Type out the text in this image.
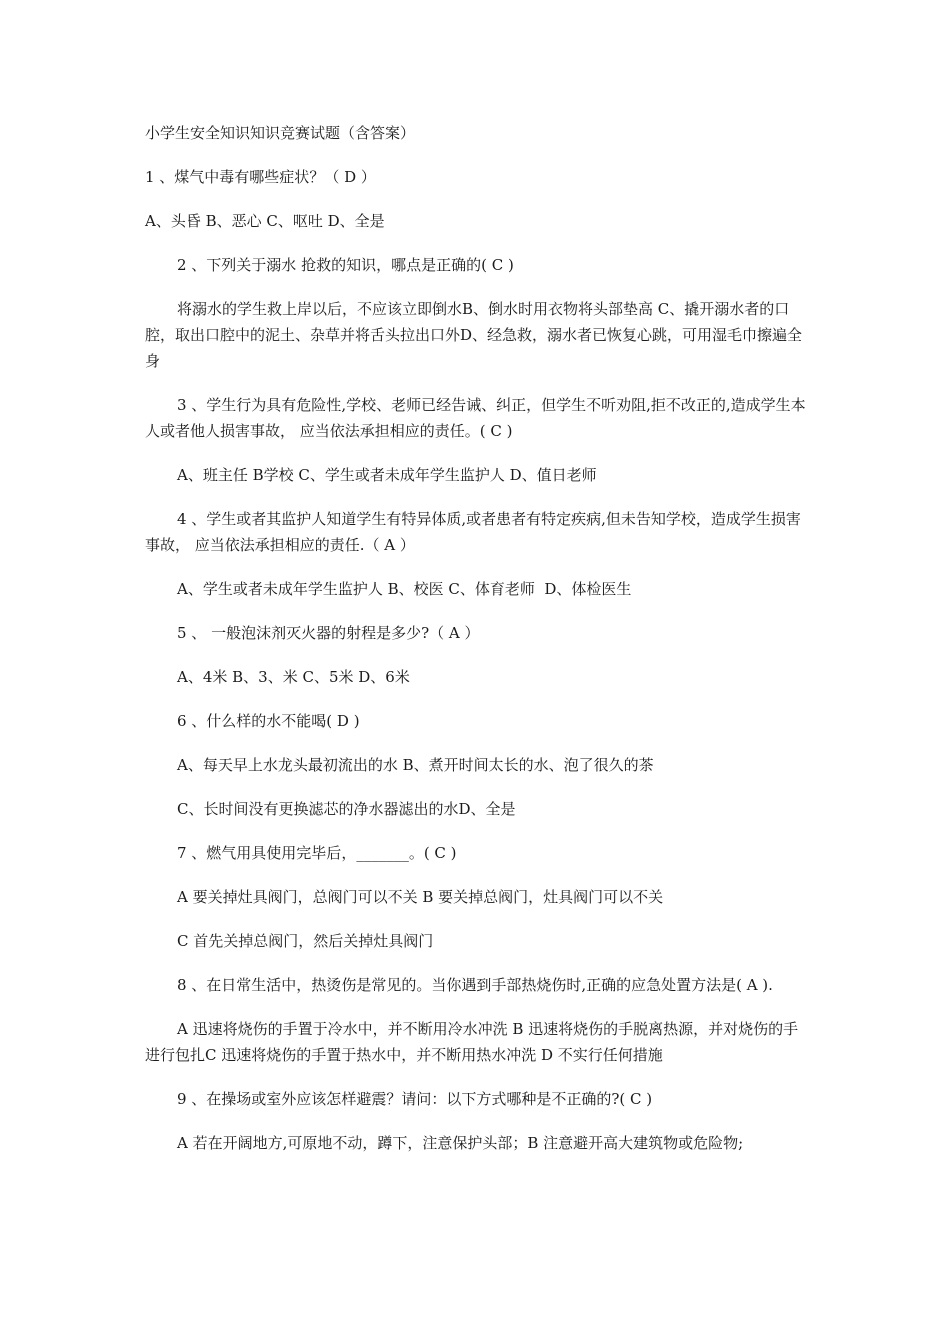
小学生安全知识知识竞赛试题（含答案）

1 、煤气中毒有哪些症状？（ D ）

A、头昏 B、恶心 C、呕吐 D、全是

2 、下列关于溺水 抢救的知识，哪点是正确的( C )

将溺水的学生救上岸以后，不应该立即倒水B、倒水时用衣物将头部垫高 C、撬开溺水者的口腔，取出口腔中的泥土、杂草并将舌头拉出口外D、经急救，溺水者已恢复心跳，可用湿毛巾擦遍全身

3 、学生行为具有危险性,学校、老师已经告诫、纠正，但学生不听劝阻,拒不改正的,造成学生本人或者他人损害事故， 应当依法承担相应的责任。( C )

A、班主任 B学校 C、学生或者未成年学生监护人 D、值日老师

4 、学生或者其监护人知道学生有特异体质,或者患者有特定疾病,但未告知学校，造成学生损害事故， 应当依法承担相应的责任.（ A ）

A、学生或者未成年学生监护人 B、校医 C、体育老师  D、体检医生

5 、 一般泡沫剂灭火器的射程是多少?（ A ）

A、4米 B、3、米 C、5米 D、6米

6 、什么样的水不能喝( D )

A、每天早上水龙头最初流出的水 B、煮开时间太长的水、泡了很久的茶

C、长时间没有更换滤芯的净水器滤出的水D、全是

7 、燃气用具使用完毕后，_______。( C )

A 要关掉灶具阀门，总阀门可以不关 B 要关掉总阀门，灶具阀门可以不关

C 首先关掉总阀门，然后关掉灶具阀门

8 、在日常生活中，热烫伤是常见的。当你遇到手部热烧伤时,正确的应急处置方法是( A ).

A 迅速将烧伤的手置于冷水中，并不断用冷水冲洗 B 迅速将烧伤的手脱离热源，并对烧伤的手进行包扎C 迅速将烧伤的手置于热水中，并不断用热水冲洗 D 不实行任何措施

9 、在操场或室外应该怎样避震？请问：以下方式哪种是不正确的?( C )

A 若在开阔地方,可原地不动，蹲下，注意保护头部；B 注意避开高大建筑物或危险物;
